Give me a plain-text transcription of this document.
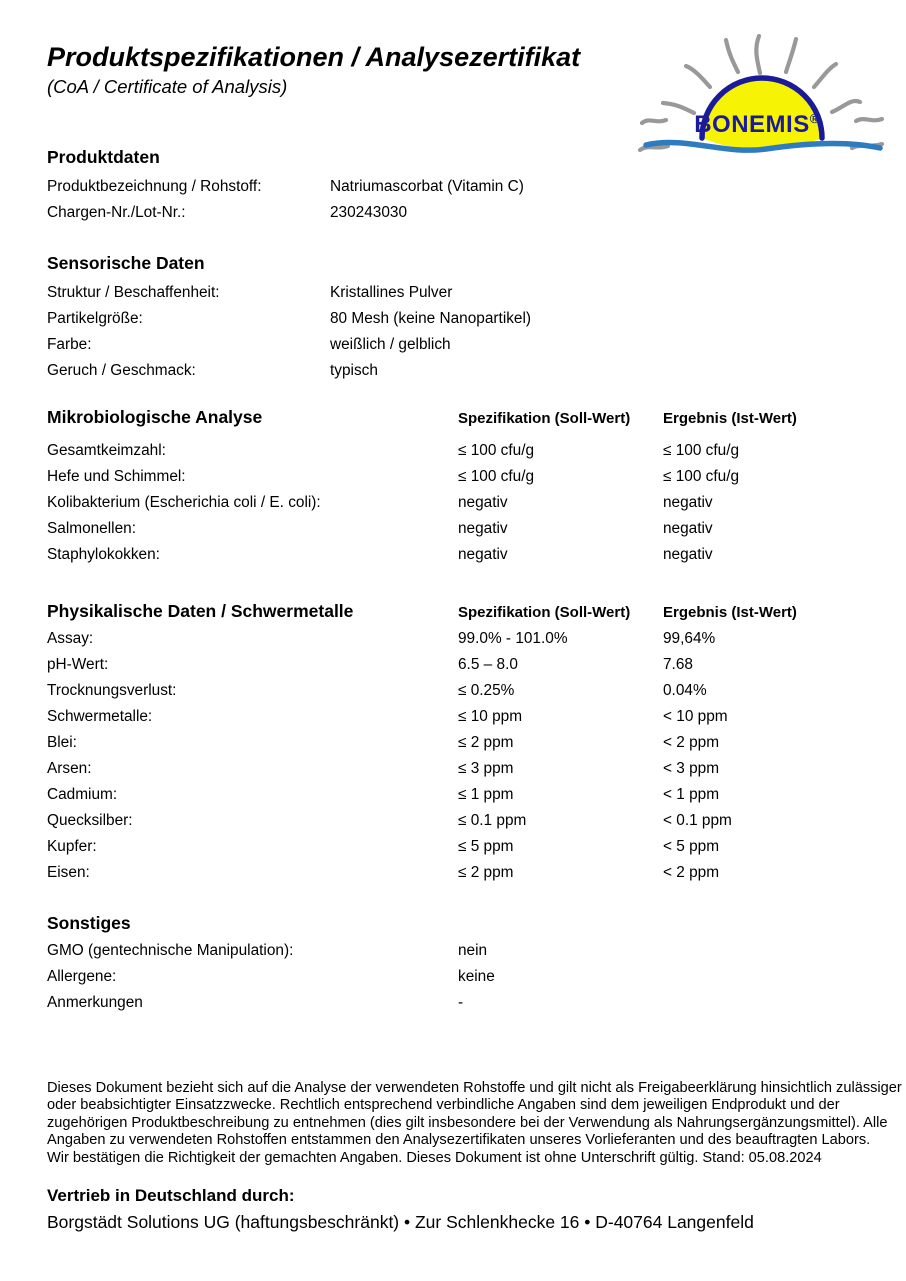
BONEMIS®
Produktspezifikationen / Analysezertifikat
(CoA / Certificate of Analysis)
Produktdaten
Produktbezeichnung / Rohstoff:	Natriumascorbat (Vitamin C)
Chargen-Nr./Lot-Nr.:	230243030
Sensorische Daten
Struktur / Beschaffenheit:	Kristallines Pulver
Partikelgröße:	80 Mesh (keine Nanopartikel)
Farbe:	weißlich / gelblich
Geruch / Geschmack:	typisch
Mikrobiologische Analyse	Spezifikation (Soll-Wert)	Ergebnis (Ist-Wert)
Gesamtkeimzahl:	≤ 100 cfu/g	≤ 100 cfu/g
Hefe und Schimmel:	≤ 100 cfu/g	≤ 100 cfu/g
Kolibakterium (Escherichia coli / E. coli):	negativ	negativ
Salmonellen:	negativ	negativ
Staphylokokken:	negativ	negativ
Physikalische Daten / Schwermetalle	Spezifikation (Soll-Wert)	Ergebnis (Ist-Wert)
Assay:	99.0% - 101.0%	99,64%
pH-Wert:	6.5 – 8.0	7.68
Trocknungsverlust:	≤ 0.25%	0.04%
Schwermetalle:	≤ 10 ppm	< 10 ppm
Blei:	≤ 2 ppm	< 2 ppm
Arsen:	≤ 3 ppm	< 3 ppm
Cadmium:	≤ 1 ppm	< 1 ppm
Quecksilber:	≤ 0.1 ppm	< 0.1 ppm
Kupfer:	≤ 5 ppm	< 5 ppm
Eisen:	≤ 2 ppm	< 2 ppm
Sonstiges
GMO (gentechnische Manipulation):	nein
Allergene:	keine
Anmerkungen	-
Dieses Dokument bezieht sich auf die Analyse der verwendeten Rohstoffe und gilt nicht als Freigabeerklärung hinsichtlich zulässiger
oder beabsichtigter Einsatzzwecke. Rechtlich entsprechend verbindliche Angaben sind dem jeweiligen Endprodukt und der
zugehörigen Produktbeschreibung zu entnehmen (dies gilt insbesondere bei der Verwendung als Nahrungsergänzungsmittel). Alle
Angaben zu verwendeten Rohstoffen entstammen den Analysezertifikaten unseres Vorlieferanten und des beauftragten Labors.
Wir bestätigen die Richtigkeit der gemachten Angaben. Dieses Dokument ist ohne Unterschrift gültig. Stand: 05.08.2024
Vertrieb in Deutschland durch:
Borgstädt Solutions UG (haftungsbeschränkt) • Zur Schlenkhecke 16 • D-40764 Langenfeld
